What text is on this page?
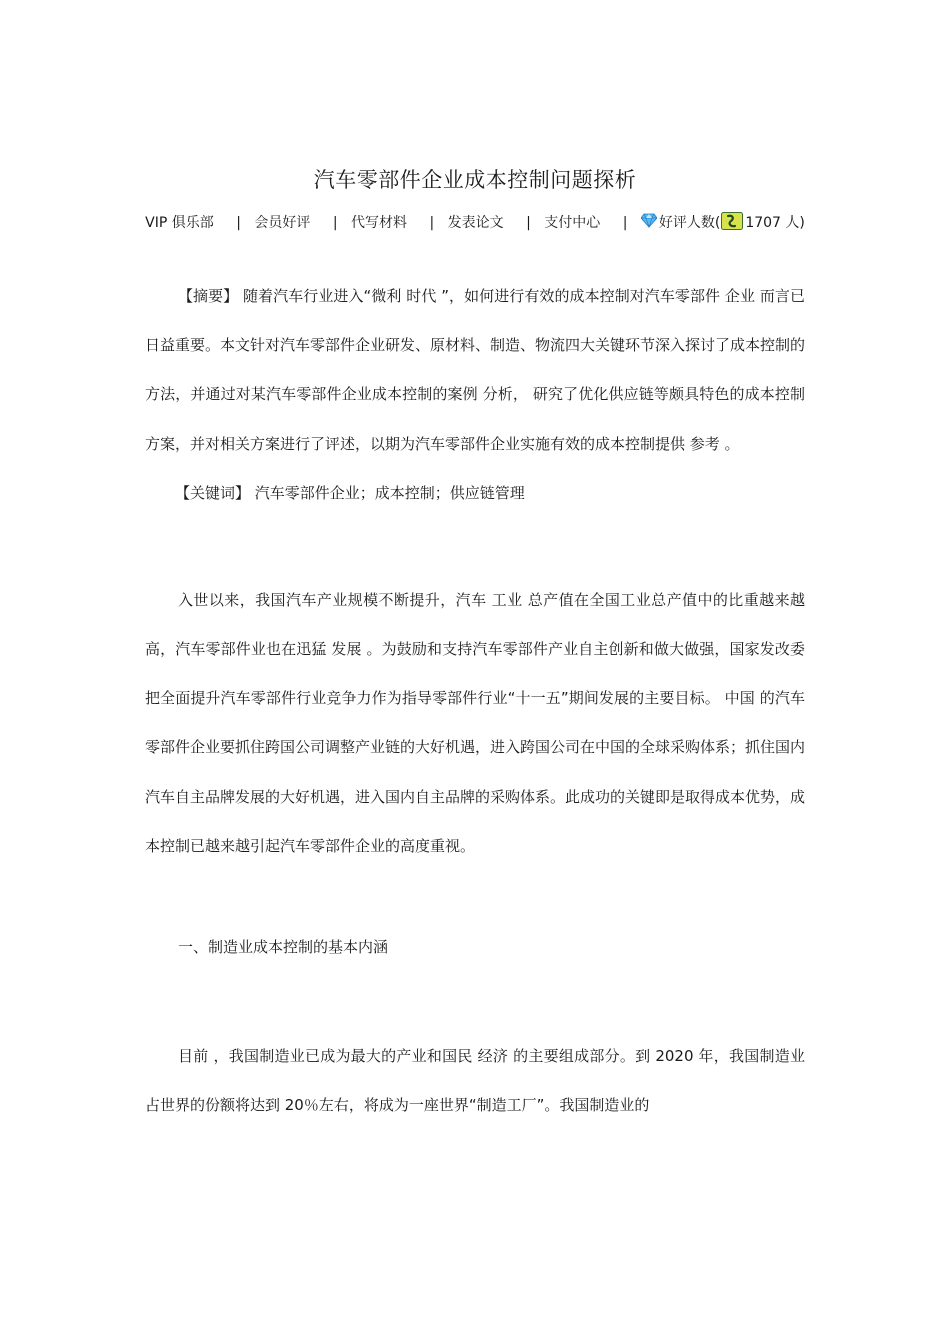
汽车零部件企业成本控制问题探析
VIP 俱乐部 | 会员好评 | 代写材料 | 发表论文 | 支付中心 | 好评人数( 1707 人)

【摘要】 随着汽车行业进入“微利 时代 ”，如何进行有效的成本控制对汽车零部件 企业 而言已日益重要。本文针对汽车零部件企业研发、原材料、制造、物流四大关键环节深入探讨了成本控制的 方法，并通过对某汽车零部件企业成本控制的案例 分析， 研究了优化供应链等颇具特色的成本控制方案，并对相关方案进行了评述，以期为汽车零部件企业实施有效的成本控制提供 参考 。

【关键词】 汽车零部件企业；成本控制；供应链管理

入世以来，我国汽车产业规模不断提升，汽车 工业 总产值在全国工业总产值中的比重越来越高，汽车零部件业也在迅猛 发展 。为鼓励和支持汽车零部件产业自主创新和做大做强，国家发改委把全面提升汽车零部件行业竞争力作为指导零部件行业“十一五”期间发展的主要目标。 中国 的汽车零部件企业要抓住跨国公司调整产业链的大好机遇，进入跨国公司在中国的全球采购体系；抓住国内汽车自主品牌发展的大好机遇，进入国内自主品牌的采购体系。此成功的关键即是取得成本优势，成本控制已越来越引起汽车零部件企业的高度重视。

一、制造业成本控制的基本内涵

目前 ，我国制造业已成为最大的产业和国民 经济 的主要组成部分。到 2020 年，我国制造业占世界的份额将达到 20％左右，将成为一座世界“制造工厂”。我国制造业的
